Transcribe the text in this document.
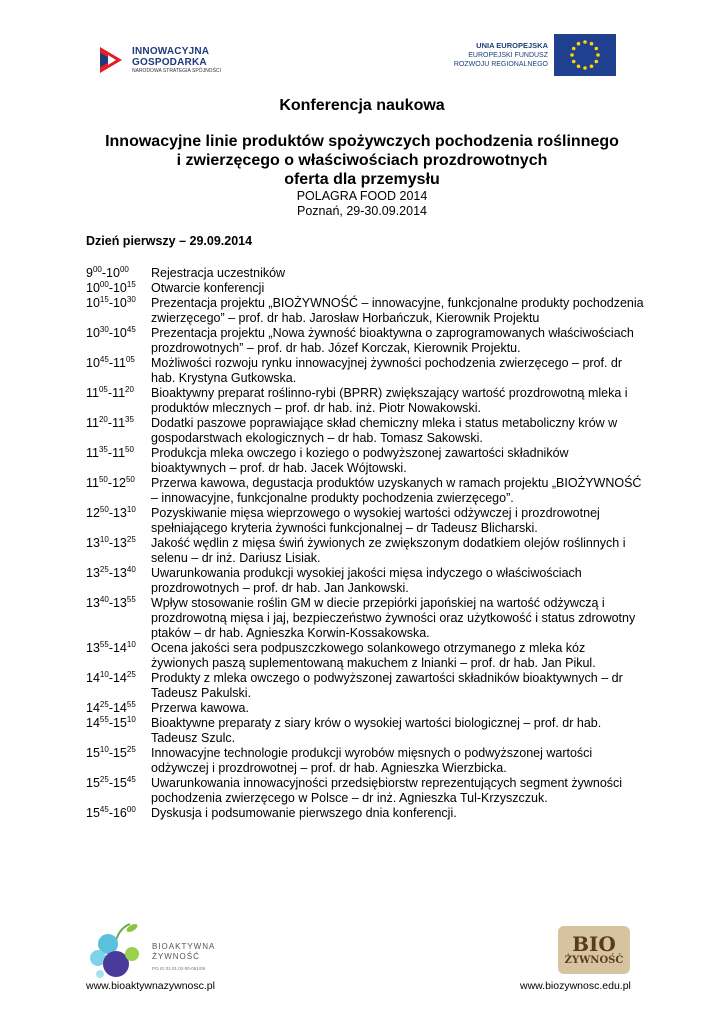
INNOWACYJNA
GOSPODARKA
NARODOWA STRATEGIA SPÓJNOŚCI
UNIA EUROPEJSKA
EUROPEJSKI FUNDUSZ
ROZWOJU REGIONALNEGO
Konferencja naukowa
Innowacyjne linie produktów spożywczych pochodzenia roślinnego
i zwierzęcego o właściwościach prozdrowotnych
oferta dla przemysłu
POLAGRA FOOD 2014
Poznań, 29-30.09.2014
Dzień pierwszy – 29.09.2014
$9^{00}-10^{00}$	Rejestracja uczestników
$10^{00}-10^{15}$	Otwarcie konferencji
$10^{15}-10^{30}$	Prezentacja projektu „BIOŻYWNOŚĆ – innowacyjne, funkcjonalne produkty pochodzenia zwierzęcego” – prof. dr hab. Jarosław Horbańczuk, Kierownik Projektu
$10^{30}-10^{45}$	Prezentacja projektu „Nowa żywność bioaktywna o zaprogramowanych właściwościach prozdrowotnych” – prof. dr hab. Józef Korczak, Kierownik Projektu.
$10^{45}-11^{05}$	Możliwości rozwoju rynku innowacyjnej żywności pochodzenia zwierzęcego – prof. dr hab. Krystyna Gutkowska.
$11^{05}-11^{20}$	Bioaktywny preparat roślinno-rybi (BPRR) zwiększający wartość prozdrowotną mleka i produktów mlecznych – prof. dr hab. inż. Piotr Nowakowski.
$11^{20}-11^{35}$	Dodatki paszowe poprawiające skład chemiczny mleka i status metaboliczny krów w gospodarstwach ekologicznych – dr hab. Tomasz Sakowski.
$11^{35}-11^{50}$	Produkcja mleka owczego i koziego o podwyższonej zawartości składników bioaktywnych – prof. dr hab. Jacek Wójtowski.
$11^{50}-12^{50}$	Przerwa kawowa, degustacja produktów uzyskanych w ramach projektu „BIOŻYWNOŚĆ – innowacyjne, funkcjonalne produkty pochodzenia zwierzęcego”.
$12^{50}-13^{10}$	Pozyskiwanie mięsa wieprzowego o wysokiej wartości odżywczej i prozdrowotnej spełniającego kryteria żywności funkcjonalnej – dr Tadeusz Blicharski.
$13^{10}-13^{25}$	Jakość wędlin z mięsa świń żywionych ze zwiększonym dodatkiem olejów roślinnych i selenu – dr inż. Dariusz Lisiak.
$13^{25}-13^{40}$	Uwarunkowania produkcji wysokiej jakości mięsa indyczego o właściwościach prozdrowotnych – prof. dr hab. Jan Jankowski.
$13^{40}-13^{55}$	Wpływ stosowanie roślin GM w diecie przepiórki japońskiej na wartość odżywczą i prozdrowotną mięsa i jaj, bezpieczeństwo żywności oraz użytkowość i status zdrowotny ptaków – dr hab. Agnieszka Korwin-Kossakowska.
$13^{55}-14^{10}$	Ocena jakości sera podpuszczkowego solankowego otrzymanego z mleka kóz żywionych paszą suplementowaną makuchem z lnianki – prof. dr hab. Jan Pikul.
$14^{10}-14^{25}$	Produkty z mleka owczego o podwyższonej zawartości składników bioaktywnych – dr Tadeusz Pakulski.
$14^{25}-14^{55}$	Przerwa kawowa.
$14^{55}-15^{10}$	Bioaktywne preparaty z siary krów o wysokiej wartości biologicznej – prof. dr hab. Tadeusz Szulc.
$15^{10}-15^{25}$	Innowacyjne technologie produkcji wyrobów mięsnych o podwyższonej wartości odżywczej i prozdrowotnej – prof. dr hab. Agnieszka Wierzbicka.
$15^{25}-15^{45}$	Uwarunkowania innowacyjności przedsiębiorstw reprezentujących segment żywności pochodzenia zwierzęcego w Polsce – dr inż. Agnieszka Tul-Krzyszczuk.
$15^{45}-16^{00}$	Dyskusja i podsumowanie pierwszego dnia konferencji.
BIOAKTYWNA
ŻYWNOŚĆ
PO IG 01.01.02-00-061/09
BIO
ŻYWNOŚĆ
www.bioaktywnazywnosc.pl	www.biozywnosc.edu.pl
